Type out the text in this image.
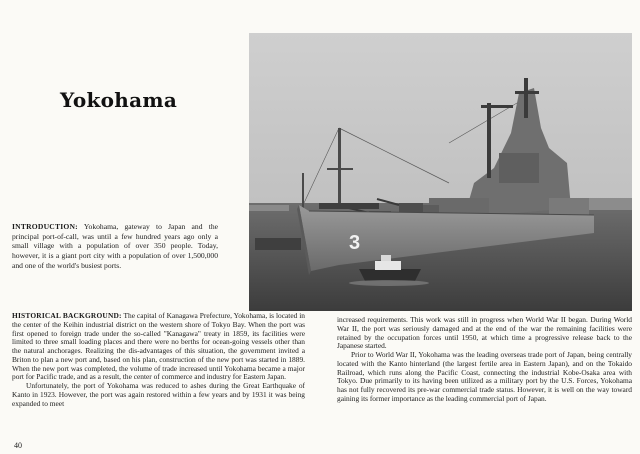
Yokohama
3

INTRODUCTION: Yokohama, gateway to Japan and the principal port-of-call, was until a few hundred years ago only a small village with a population of over 350 people. Today, however, it is a giant port city with a population of over 1,500,000 and one of the world's busiest ports.

HISTORICAL BACKGROUND: The capital of Kanagawa Prefecture, Yokohama, is located in the center of the Keihin industrial district on the western shore of Tokyo Bay. When the port was first opened to foreign trade under the so-called "Kanagawa" treaty in 1859, its facilities were limited to three small loading places and there were no berths for ocean-going vessels other than the natural anchorages. Realizing the dis-advantages of this situation, the government invited a Briton to plan a new port and, based on his plan, construction of the new port was started in 1889. When the new port was completed, the volume of trade increased until Yokohama became a major port for Pacific trade, and as a result, the center of commerce and industry for Eastern Japan.

Unfortunately, the port of Yokohama was reduced to ashes during the Great Earthquake of Kanto in 1923. However, the port was again restored within a few years and by 1931 it was being expanded to meet

increased requirements. This work was still in progress when World War II began. During World War II, the port was seriously damaged and at the end of the war the remaining facilities were retained by the occupation forces until 1950, at which time a progressive release back to the Japanese started.

Prior to World War II, Yokohama was the leading overseas trade port of Japan, being centrally located with the Kanto hinterland (the largest fertile area in Eastern Japan), and on the Tokaido Railroad, which runs along the Pacific Coast, connecting the industrial Kobe-Osaka area with Tokyo. Due primarily to its having been utilized as a military port by the U.S. Forces, Yokohama has not fully recovered its pre-war commercial trade status. However, it is well on the way toward gaining its former importance as the leading commercial port of Japan.

40
